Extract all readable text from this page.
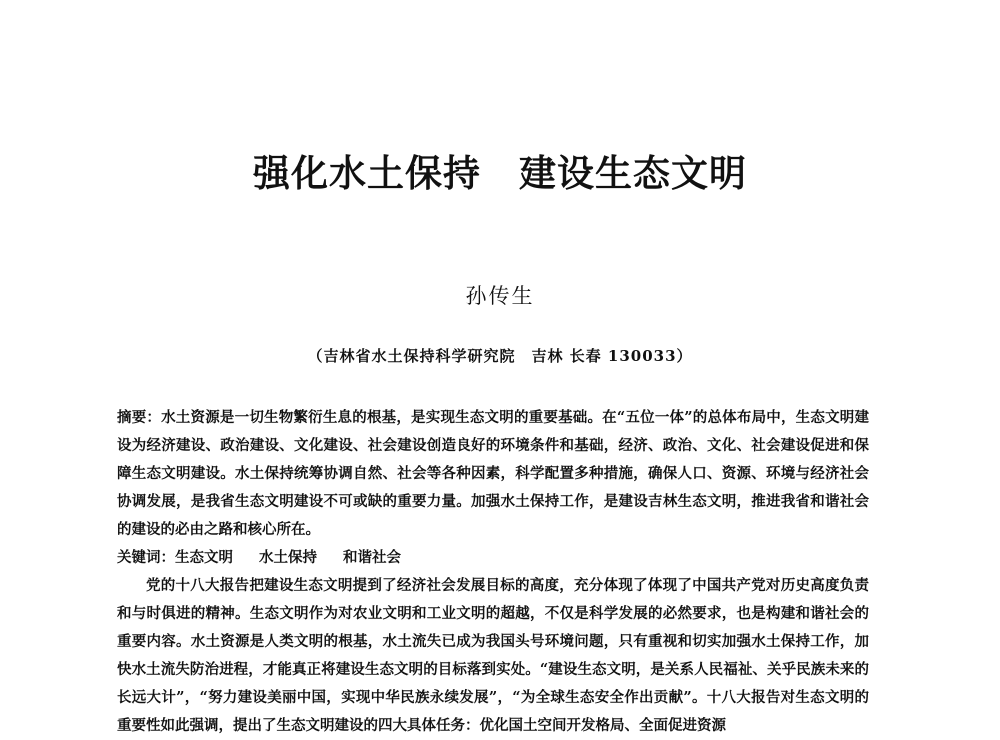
强化水土保持　建设生态文明
孙传生
（吉林省水土保持科学研究院　吉林 长春 130033）
摘要：水土资源是一切生物繁衍生息的根基，是实现生态文明的重要基础。在“五位一体”的总体布局中，生态文明建设为经济建设、政治建设、文化建设、社会建设创造良好的环境条件和基础，经济、政治、文化、社会建设促进和保障生态文明建设。水土保持统筹协调自然、社会等各种因素，科学配置多种措施，确保人口、资源、环境与经济社会协调发展，是我省生态文明建设不可或缺的重要力量。加强水土保持工作，是建设吉林生态文明，推进我省和谐社会的建设的必由之路和核心所在。
关键词：生态文明 水土保持 和谐社会
党的十八大报告把建设生态文明提到了经济社会发展目标的高度，充分体现了体现了中国共产党对历史高度负责和与时俱进的精神。生态文明作为对农业文明和工业文明的超越，不仅是科学发展的必然要求，也是构建和谐社会的重要内容。水土资源是人类文明的根基，水土流失已成为我国头号环境问题，只有重视和切实加强水土保持工作，加快水土流失防治进程，才能真正将建设生态文明的目标落到实处。“建设生态文明，是关系人民福祉、关乎民族未来的长远大计”，“努力建设美丽中国，实现中华民族永续发展”，“为全球生态安全作出贡献”。十八大报告对生态文明的重要性如此强调，提出了生态文明建设的四大具体任务：优化国土空间开发格局、全面促进资源
